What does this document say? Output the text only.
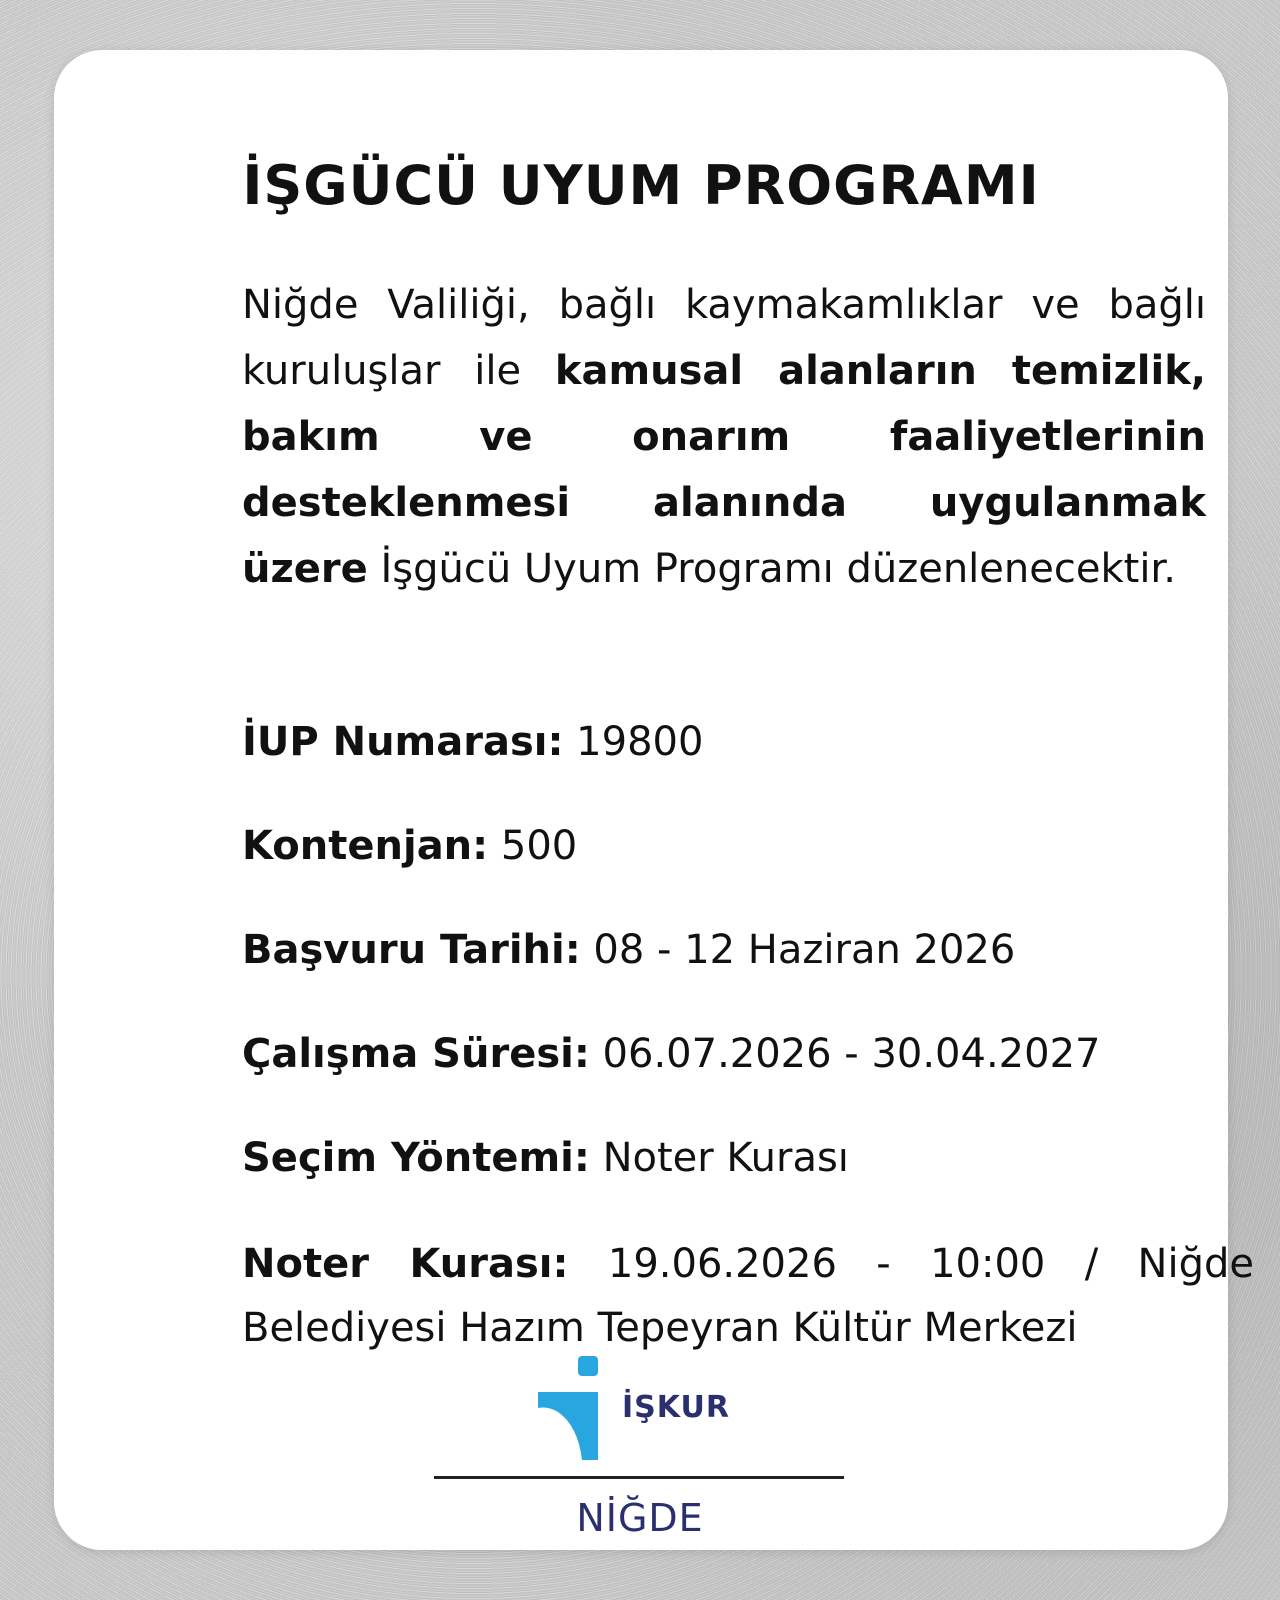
İŞGÜCÜ UYUM PROGRAMI

Niğde Valiliği, bağlı kaymakamlıklar ve bağlı kuruluşlar ile kamusal alanların temizlik, bakım ve onarım faaliyetlerinin desteklenmesi alanında uygulanmak üzere İşgücü Uyum Programı düzenlenecektir.

İUP Numarası: 19800

Kontenjan: 500

Başvuru Tarihi: 08 - 12 Haziran 2026

Çalışma Süresi: 06.07.2026 - 30.04.2027

Seçim Yöntemi: Noter Kurası

Noter Kurası: 19.06.2026 - 10:00 / Niğde Belediyesi Hazım Tepeyran Kültür Merkezi

İŞKUR
NİĞDE
